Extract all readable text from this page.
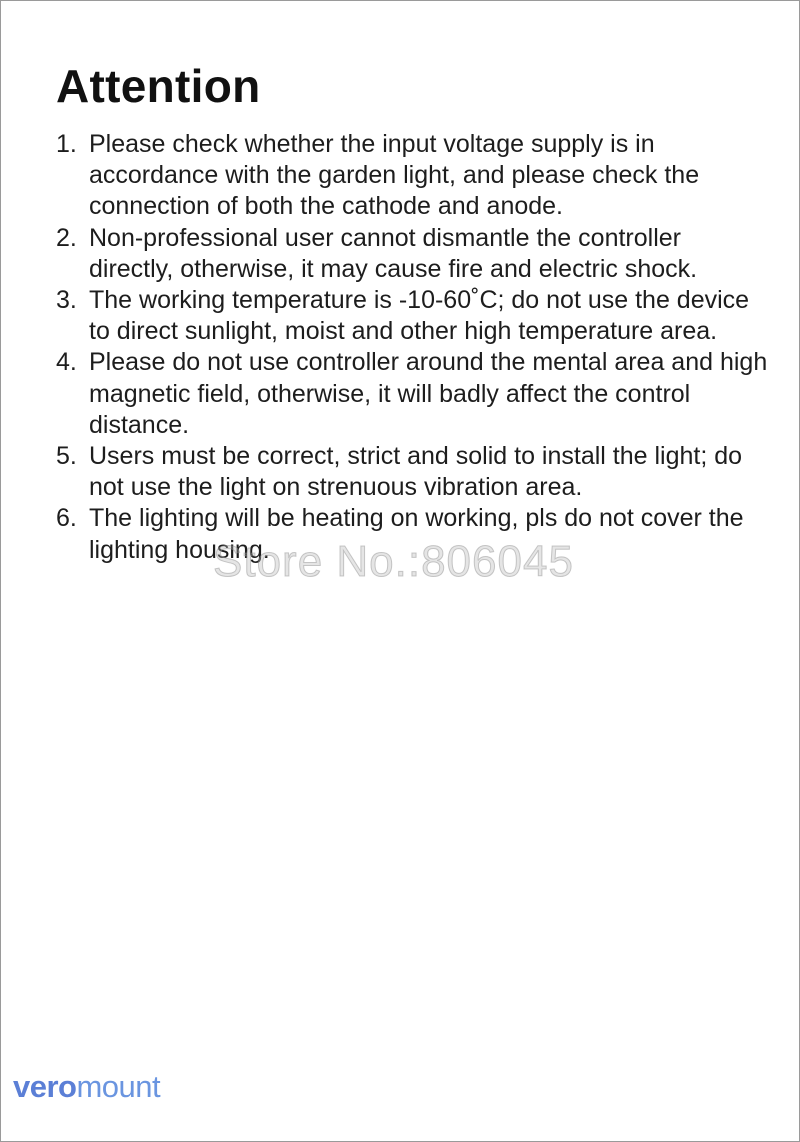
Attention
1. Please check whether the input voltage supply is in accordance with the garden light, and please check the connection of both the cathode and anode.
2. Non-professional user cannot dismantle the controller directly, otherwise, it may cause fire and electric shock.
3. The working temperature is -10-60˚C; do not use the device to direct sunlight, moist and other high temperature area.
4. Please do not use controller around the mental area and high magnetic field, otherwise, it will badly affect the control distance.
5. Users must be correct, strict and solid to install the light; do not use the light on strenuous vibration area.
6. The lighting will be heating on working, pls do not cover the lighting housing.
Store No.:806045
veromount
